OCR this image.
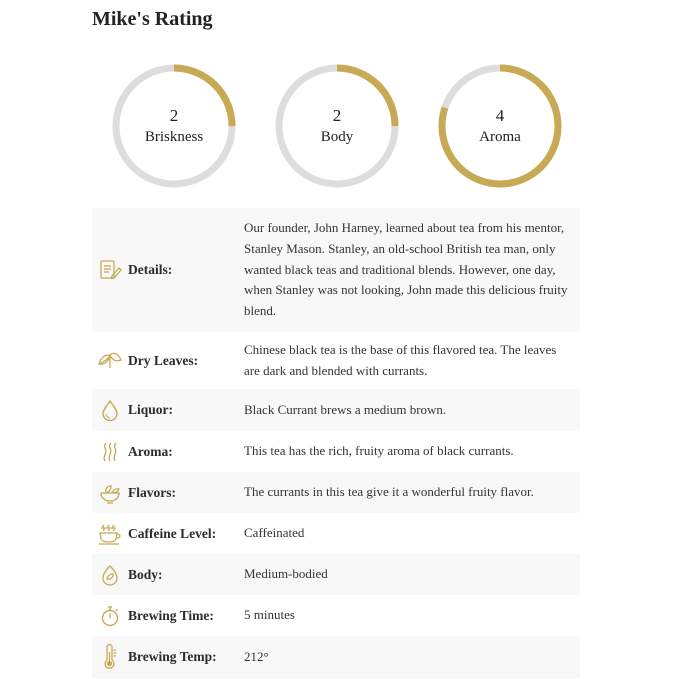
Mike's Rating
2
Briskness
2
Body
4
Aroma
Details:
Our founder, John Harney, learned about tea from his mentor, Stanley Mason. Stanley, an old-school British tea man, only wanted black teas and traditional blends. However, one day, when Stanley was not looking, John made this delicious fruity blend.
Dry Leaves:
Chinese black tea is the base of this flavored tea. The leaves are dark and blended with currants.
Liquor:	Black Currant brews a medium brown.
Aroma:	This tea has the rich, fruity aroma of black currants.
Flavors:	The currants in this tea give it a wonderful fruity flavor.
Caffeine Level:	Caffeinated
Body:	Medium-bodied
Brewing Time:	5 minutes
Brewing Temp:	212°
